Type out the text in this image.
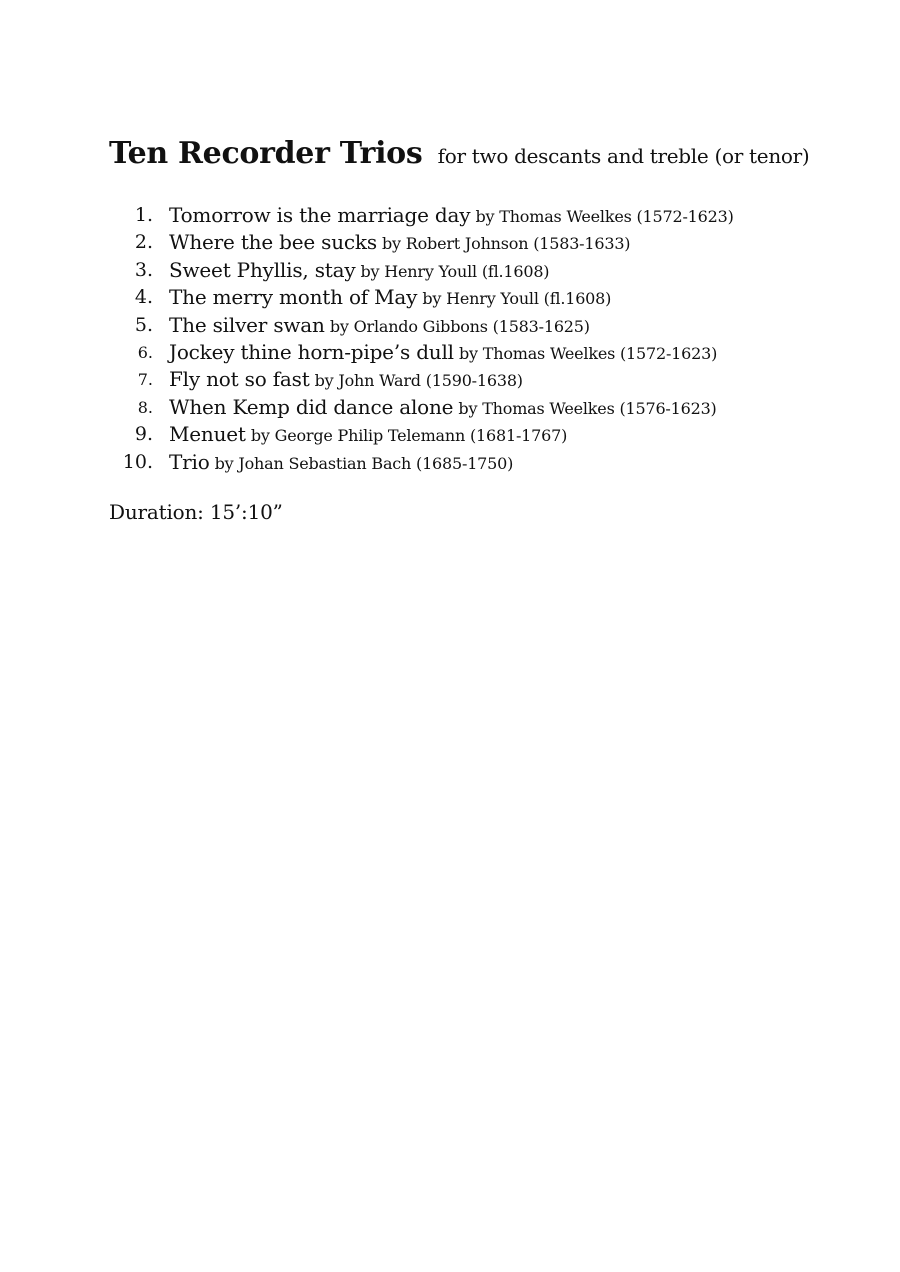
Ten Recorder Trios for two descants and treble (or tenor)
1. Tomorrow is the marriage day by Thomas Weelkes (1572-1623)
2. Where the bee sucks by Robert Johnson (1583-1633)
3. Sweet Phyllis, stay by Henry Youll (fl.1608)
4. The merry month of May by Henry Youll (fl.1608)
5. The silver swan by Orlando Gibbons (1583-1625)
6. Jockey thine horn-pipe’s dull by Thomas Weelkes (1572-1623)
7. Fly not so fast by John Ward (1590-1638)
8. When Kemp did dance alone by Thomas Weelkes (1576-1623)
9. Menuet by George Philip Telemann (1681-1767)
10. Trio by Johan Sebastian Bach (1685-1750)
Duration: 15’:10”
